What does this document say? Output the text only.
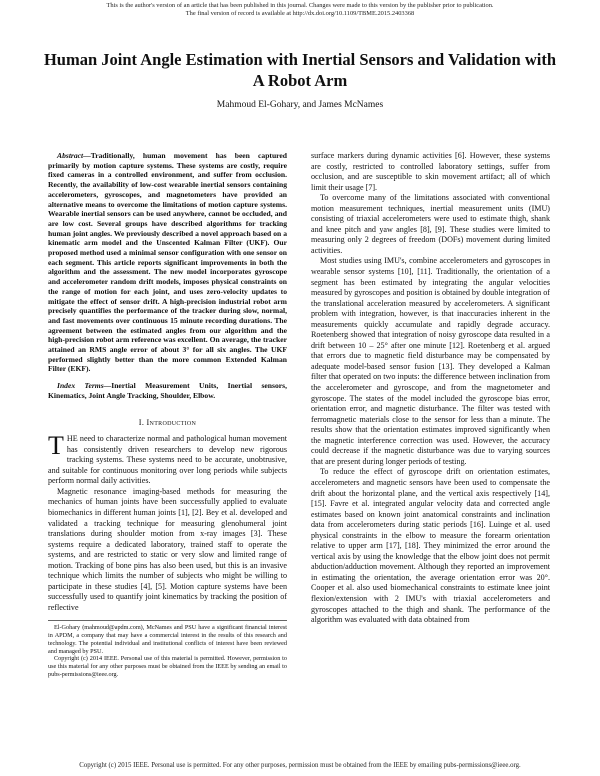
This is the author's version of an article that has been published in this journal. Changes were made to this version by the publisher prior to publication.
The final version of record is available at http://dx.doi.org/10.1109/TBME.2015.2403368
Human Joint Angle Estimation with Inertial Sensors and Validation with A Robot Arm
Mahmoud El-Gohary, and James McNames

Abstract—Traditionally, human movement has been captured primarily by motion capture systems. These systems are costly, require fixed cameras in a controlled environment, and suffer from occlusion. Recently, the availability of low-cost wearable inertial sensors containing accelerometers, gyroscopes, and magnetometers have provided an alternative means to overcome the limitations of motion capture systems. Wearable inertial sensors can be used anywhere, cannot be occluded, and are low cost. Several groups have described algorithms for tracking human joint angles. We previously described a novel approach based on a kinematic arm model and the Unscented Kalman Filter (UKF). Our proposed method used a minimal sensor configuration with one sensor on each segment. This article reports significant improvements in both the algorithm and the assessment. The new model incorporates gyroscope and accelerometer random drift models, imposes physical constraints on the range of motion for each joint, and uses zero-velocity updates to mitigate the effect of sensor drift. A high-precision industrial robot arm precisely quantifies the performance of the tracker during slow, normal, and fast movements over continuous 15 minute recording durations. The agreement between the estimated angles from our algorithm and the high-precision robot arm reference was excellent. On average, the tracker attained an RMS angle error of about 3° for all six angles. The UKF performed slightly better than the more common Extended Kalman Filter (EKF).

Index Terms—Inertial Measurement Units, Inertial sensors, Kinematics, Joint Angle Tracking, Shoulder, Elbow.

I. Introduction

THE need to characterize normal and pathological human movement has consistently driven researchers to develop new rigorous tracking systems. These systems need to be accurate, unobtrusive, and suitable for continuous monitoring over long periods while subjects perform normal daily activities.

Magnetic resonance imaging-based methods for measuring the mechanics of human joints have been successfully applied to evaluate biomechanics in different human joints [1], [2]. Bey et al. developed and validated a tracking technique for measuring glenohumeral joint translations during shoulder motion from x-ray images [3]. These systems require a dedicated laboratory, trained staff to operate the systems, and are restricted to static or very slow and limited range of motion. Tracking of bone pins has also been used, but this is an invasive technique which limits the number of subjects who might be willing to participate in these studies [4], [5]. Motion capture systems have been successfully used to quantify joint kinematics by tracking the position of reflective

El-Gohary (mahmoud@apdm.com), McNames and PSU have a significant financial interest in APDM, a company that may have a commercial interest in the results of this research and technology. The potential individual and institutional conflicts of interest have been reviewed and managed by PSU.

Copyright (c) 2014 IEEE. Personal use of this material is permitted. However, permission to use this material for any other purposes must be obtained from the IEEE by sending an email to pubs-permissions@ieee.org.

surface markers during dynamic activities [6]. However, these systems are costly, restricted to controlled laboratory settings, suffer from occlusion, and are susceptible to skin movement artifact; all of which limit their usage [7].

To overcome many of the limitations associated with conventional motion measurement techniques, inertial measurement units (IMU) consisting of triaxial accelerometers were used to estimate thigh, shank and knee pitch and yaw angles [8], [9]. These studies were limited to measuring only 2 degrees of freedom (DOFs) movement during limited activities.

Most studies using IMU's, combine accelerometers and gyroscopes in wearable sensor systems [10], [11]. Traditionally, the orientation of a segment has been estimated by integrating the angular velocities measured by gyroscopes and position is obtained by double integration of the translational acceleration measured by accelerometers. A significant problem with integration, however, is that inaccuracies inherent in the measurements quickly accumulate and rapidly degrade accuracy. Roetenberg showed that integration of noisy gyroscope data resulted in a drift between 10 – 25° after one minute [12]. Roetenberg et al. argued that errors due to magnetic field disturbance may be compensated by adequate model-based sensor fusion [13]. They developed a Kalman filter that operated on two inputs: the difference between inclination from the accelerometer and gyroscope, and from the magnetometer and gyroscope. The states of the model included the gyroscope bias error, orientation error, and magnetic disturbance. The filter was tested with ferromagnetic materials close to the sensor for less than a minute. The results show that the orientation estimates improved significantly when the magnetic interference correction was used. However, the accuracy could decrease if the magnetic disturbance was due to varying sources that are present during longer periods of testing.

To reduce the effect of gyroscope drift on orientation estimates, accelerometers and magnetic sensors have been used to compensate the drift about the horizontal plane, and the vertical axis respectively [14], [15]. Favre et al. integrated angular velocity data and corrected angle estimates based on known joint anatomical constraints and inclination data from accelerometers during static periods [16]. Luinge et al. used physical constraints in the elbow to measure the forearm orientation relative to upper arm [17], [18]. They minimized the error around the vertical axis by using the knowledge that the elbow joint does not permit abduction/adduction movement. Although they reported an improvement in estimating the orientation, the average orientation error was 20°. Cooper et al. also used biomechanical constraints to estimate knee joint flexion/extension with 2 IMU's with triaxial accelerometers and gyroscopes attached to the thigh and shank. The performance of the algorithm was evaluated with data obtained from

Copyright (c) 2015 IEEE. Personal use is permitted. For any other purposes, permission must be obtained from the IEEE by emailing pubs-permissions@ieee.org.
